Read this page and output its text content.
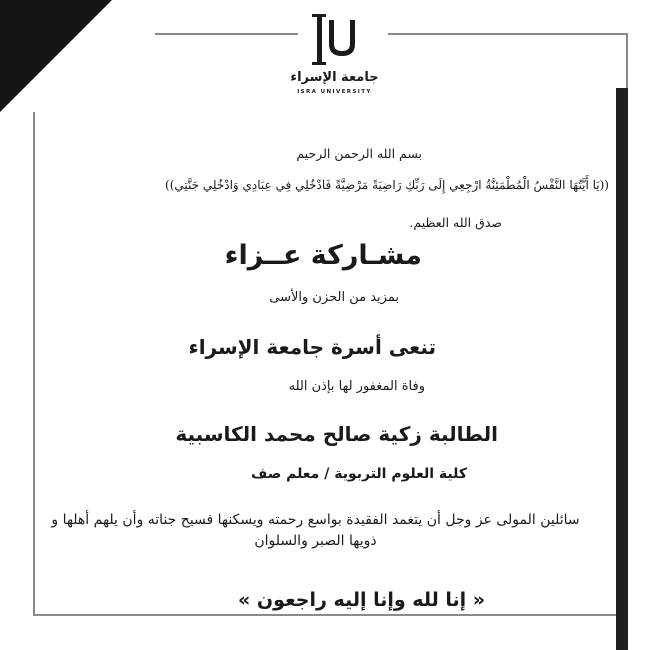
جامعة الإسراء
ISRA UNIVERSITY
بسم الله الرحمن الرحيم
((يَا أَيَّتُهَا النَّفْسُ الْمُطْمَئِنَّةُ ارْجِعِي إِلَى رَبِّكِ رَاضِيَةً مَرْضِيَّةً فَادْخُلِي فِي عِبَادِي وَادْخُلِي جَنَّتِي))
صدق الله العظيم.
مشـاركة عــزاء
بمزيد من الحزن والأسى
تنعى أسرة جامعة الإسراء
وفاة المغفور لها بإذن الله
الطالبة زكية صالح محمد الكاسبية
كلية العلوم التربوية / معلم صف
سائلين المولى عز وجل أن يتغمد الفقيدة بواسع رحمته ويسكنها فسيح جناته وأن يلهم أهلها و ذويها الصبر والسلوان
« إنا لله وإنا إليه راجعون »
